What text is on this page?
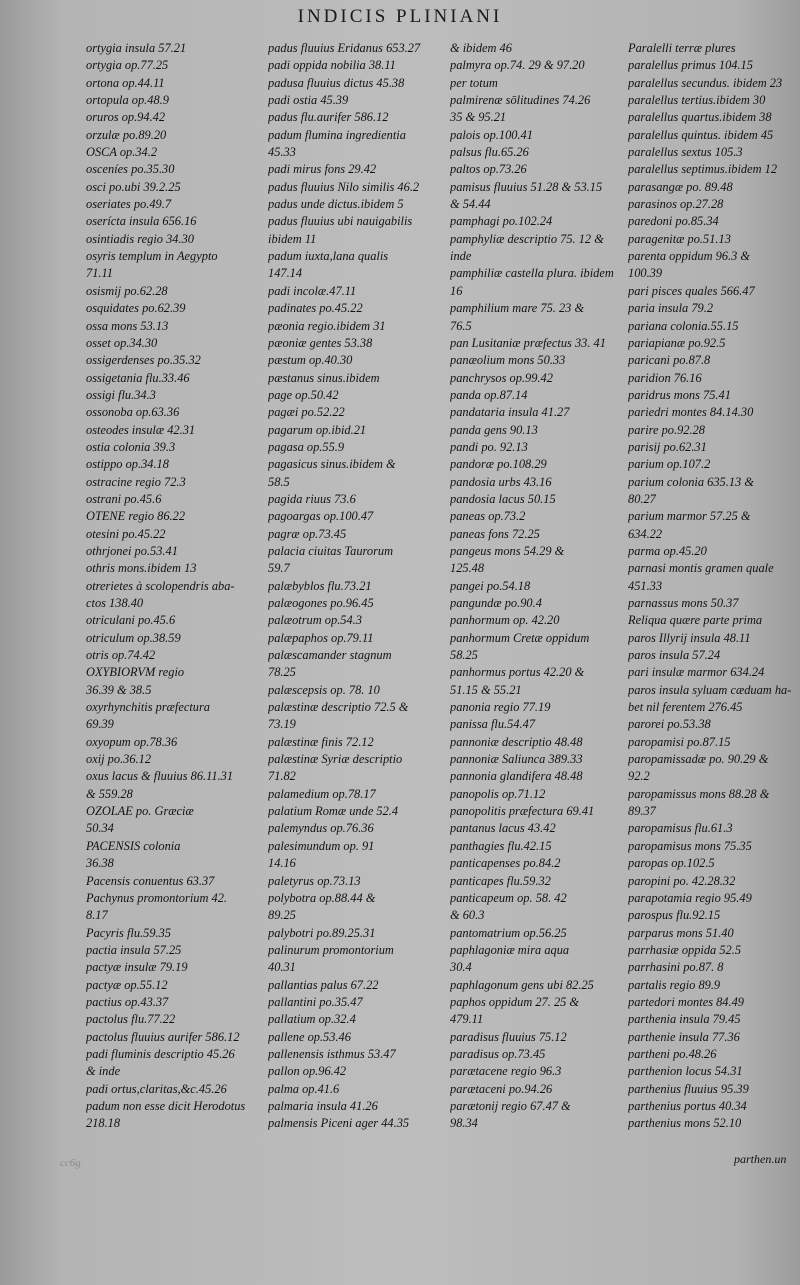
INDICIS PLINIANI
ortygia insula 57.21
ortygia op.77.25
ortona op.44.11
ortopula op.48.9
oruros op.94.42
orzulæ po.89.20
OSCA op.34.2
osceníes po.35.30
osci po.ubi 39.2.25
oseriates po.49.7
oserícta insula 656.16
osintiadis regio 34.30
osyris templum in Aegypto
71.11
osismij po.62.28
osquidates po.62.39
ossa mons 53.13
osset op.34.30
ossigerdenses po.35.32
ossigetania flu.33.46
ossigi flu.34.3
ossonoba op.63.36
osteodes insulæ 42.31
ostia colonia 39.3
ostippo op.34.18
ostracine regio 72.3
ostrani po.45.6
OTENE regio 86.22
otesini po.45.22
othrjonei po.53.41
othris mons.ibidem 13
otrerietes à scolopendris aba-
ctos 138.40
otriculani po.45.6
otriculum op.38.59
otris op.74.42
OXYBIORVM regio
36.39 & 38.5
oxyrhynchitis præfectura
69.39
oxyopum op.78.36
oxij po.36.12
oxus lacus & fluuius 86.11.31
& 559.28
OZOLAE po. Græciæ
50.34
PACENSIS colonia
36.38
Pacensis conuentus 63.37
Pachynus promontorium 42.
8.17
Pacyris flu.59.35
pactia insula 57.25
pactyæ insulæ 79.19
pactyæ op.55.12
pactius op.43.37
pactolus flu.77.22
pactolus fluuius aurifer 586.12
padi fluminis descriptio 45.26
& inde
padi ortus,claritas,&c.45.26
padum non esse dicit Herodotus
218.18
padus fluuius Eridanus 653.27
padi oppida nobilia 38.11
padusa fluuius dictus 45.38
padi ostia 45.39
padus flu.aurifer 586.12
padum flumina ingredientia
45.33
padi mirus fons 29.42
padus fluuius Nilo similis 46.2
padus unde dictus.ibidem 5
padus fluuius ubi nauigabilis
ibidem 11
padum iuxta,lana qualis
147.14
padi incolæ.47.11
padinates po.45.22
pæonia regio.ibidem 31
pæoniæ gentes 53.38
pæstum op.40.30
pæstanus sinus.ibidem
page op.50.42
pagæi po.52.22
pagarum op.ibid.21
pagasa op.55.9
pagasicus sinus.ibidem &
58.5
pagida riuus 73.6
pagoargas op.100.47
pagræ op.73.45
palacia ciuitas Taurorum
59.7
palæbyblos flu.73.21
palæogones po.96.45
palæotrum op.54.3
palæpaphos op.79.11
palæscamander stagnum
78.25
palæscepsis op. 78. 10
palæstinæ descriptio 72.5 &
73.19
palæstinæ finis 72.12
palæstinæ Syriæ descriptio
71.82
palamedium op.78.17
palatium Romæ unde 52.4
palemyndus op.76.36
palesimundum op. 91
14.16
paletyrus op.73.13
polybotra op.88.44 &
89.25
palybotri po.89.25.31
palinurum promontorium
40.31
pallantias palus 67.22
pallantini po.35.47
pallatium op.32.4
pallene op.53.46
pallenensis isthmus 53.47
pallon op.96.42
palma op.41.6
palmaria insula 41.26
palmensis Piceni ager 44.35
& ibidem 46
palmyra op.74. 29 & 97.20
per totum
palmirenæ sōlitudines 74.26
35 & 95.21
palois op.100.41
palsus flu.65.26
paltos op.73.26
pamisus fluuius 51.28 & 53.15
& 54.44
pamphagi po.102.24
pamphyliæ descriptio 75. 12 &
inde
pamphiliæ castella plura. ibidem
16
pamphilium mare 75. 23 &
76.5
pan Lusitaniæ præfectus 33. 41
panæolium mons 50.33
panchrysos op.99.42
panda op.87.14
pandataria insula 41.27
panda gens 90.13
pandi po. 92.13
pandoræ po.108.29
pandosia urbs 43.16
pandosia lacus 50.15
paneas op.73.2
paneas fons 72.25
pangeus mons 54.29 &
125.48
pangei po.54.18
pangundæ po.90.4
panhormum op. 42.20
panhormum Cretæ oppidum
58.25
panhormus portus 42.20 &
51.15 & 55.21
panonia regio 77.19
panissa flu.54.47
pannoniæ descriptio 48.48
pannoniæ Saliunca 389.33
pannonia glandifera 48.48
panopolis op.71.12
panopolitis præfectura 69.41
pantanus lacus 43.42
panthagies flu.42.15
panticapenses po.84.2
panticapes flu.59.32
panticapeum op. 58. 42
& 60.3
pantomatrium op.56.25
paphlagoniæ mira aqua
30.4
paphlagonum gens ubi 82.25
paphos oppidum 27. 25 &
479.11
paradisus fluuius 75.12
paradisus op.73.45
parætacene regio 96.3
parætaceni po.94.26
parætonij regio 67.47 &
98.34
Paralelli terræ plures
paralellus primus 104.15
paralellus secundus. ibidem 23
paralellus tertius.ibidem 30
paralellus quartus.ibidem 38
paralellus quintus. ibidem 45
paralellus sextus 105.3
paralellus septimus.ibidem 12
parasangæ po. 89.48
parasinos op.27.28
paredoni po.85.34
paragenitæ po.51.13
parenta oppidum 96.3 &
100.39
pari pisces quales 566.47
paria insula 79.2
pariana colonia.55.15
pariapianæ po.92.5
paricani po.87.8
paridion 76.16
paridrus mons 75.41
pariedri montes 84.14.30
parire po.92.28
parisij po.62.31
parium op.107.2
parium colonia 635.13 &
80.27
parium marmor 57.25 &
634.22
parma op.45.20
parnasi montis gramen quale
451.33
parnassus mons 50.37
Reliqua quære parte prima
paros Illyrij insula 48.11
paros insula 57.24
pari insulæ marmor 634.24
paros insula syluam cæduam ha-
bet nil ferentem 276.45
parorei po.53.38
paropamisi po.87.15
paropamissadæ po. 90.29 &
92.2
paropamissus mons 88.28 &
89.37
paropamisus flu.61.3
paropamisus mons 75.35
paropas op.102.5
paropini po. 42.28.32
parapotamia regio 95.49
parospus flu.92.15
parparus mons 51.40
parrhasiæ oppida 52.5
parrhasini po.87. 8
partalis regio 89.9
partedori montes 84.49
parthenia insula 79.45
parthenie insula 77.36
partheni po.48.26
parthenion locus 54.31
parthenius fluuius 95.39
parthenius portus 40.34
parthenius mons 52.10
cc6g	parthen.un
